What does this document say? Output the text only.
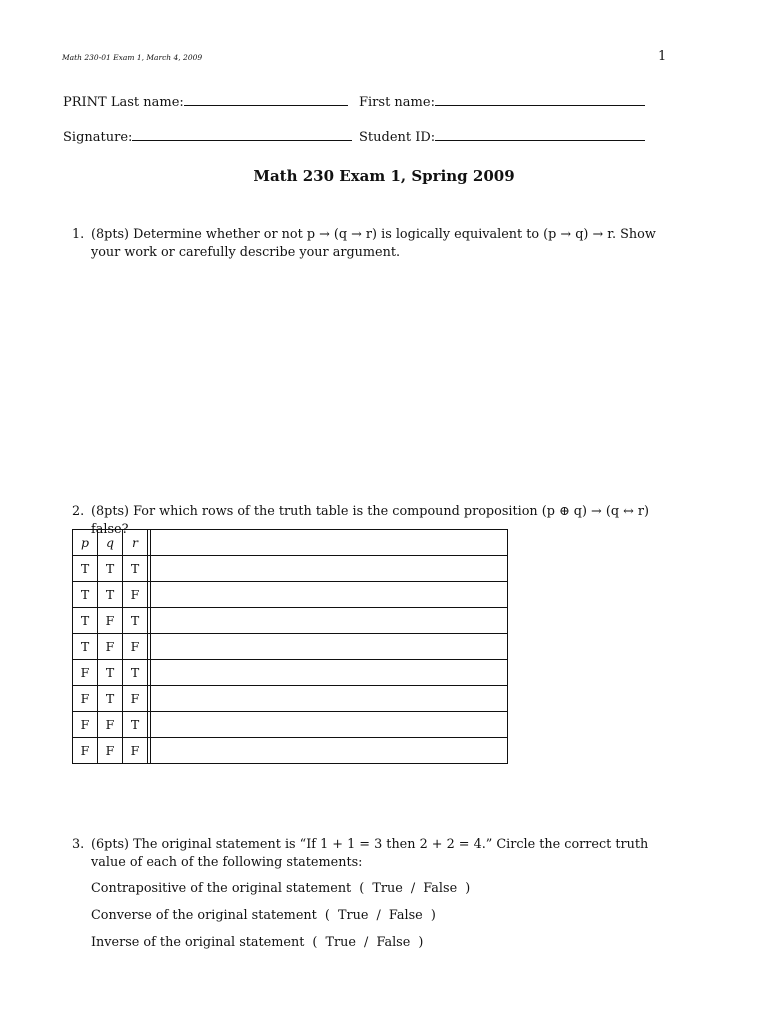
Math 230-01 Exam 1, March 4, 2009	1
PRINT Last name:	First name:
Signature:	Student ID:
Math 230 Exam 1, Spring 2009
1. (8pts) Determine whether or not p → (q → r) is logically equivalent to (p → q) → r. Show your work or carefully describe your argument.
2. (8pts) For which rows of the truth table is the compound proposition (p ⊕ q) → (q ↔ r) false?
p	q	r		
T	T	T		
T	T	F		
T	F	T		
T	F	F		
F	T	T		
F	T	F		
F	F	T		
F	F	F		
3. (6pts) The original statement is “If 1 + 1 = 3 then 2 + 2 = 4.” Circle the correct truth value of each of the following statements:
Contrapositive of the original statement ( True / False )
Converse of the original statement ( True / False )
Inverse of the original statement ( True / False )
